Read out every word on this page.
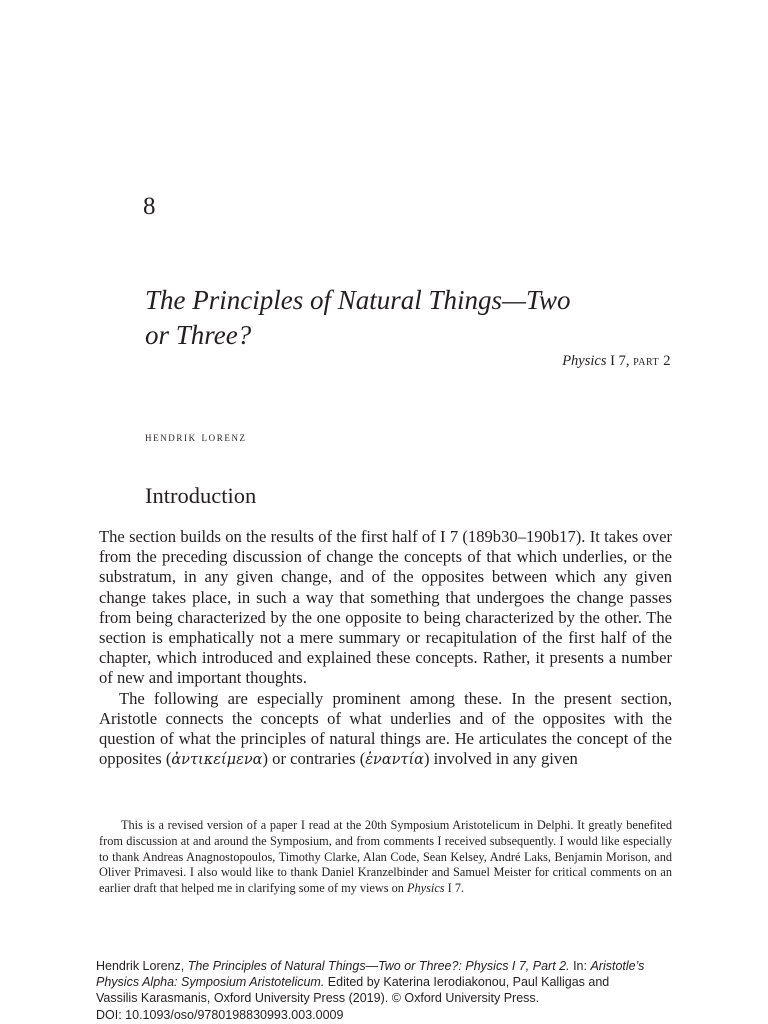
8
The Principles of Natural Things—Two
or Three?
Physics I 7, part 2
hendrik lorenz
Introduction

The section builds on the results of the first half of I 7 (189b30–190b17). It takes over from the preceding discussion of change the concepts of that which underlies, or the substratum, in any given change, and of the opposites between which any given change takes place, in such a way that something that undergoes the change passes from being characterized by the one opposite to being characterized by the other. The section is emphatically not a mere summary or recapitulation of the first half of the chapter, which introduced and explained these concepts. Rather, it presents a number of new and important thoughts.

The following are especially prominent among these. In the present section, Aristotle connects the concepts of what underlies and of the opposites with the question of what the principles of natural things are. He articulates the concept of the opposites (ἀντικείμενα) or contraries (ἐναντία) involved in any given

This is a revised version of a paper I read at the 20th Symposium Aristotelicum in Delphi. It greatly benefited from discussion at and around the Symposium, and from comments I received subsequently. I would like especially to thank Andreas Anagnostopoulos, Timothy Clarke, Alan Code, Sean Kelsey, André Laks, Benjamin Morison, and Oliver Primavesi. I also would like to thank Daniel Kranzelbinder and Samuel Meister for critical comments on an earlier draft that helped me in clarifying some of my views on Physics I 7.

Hendrik Lorenz, The Principles of Natural Things—Two or Three?: Physics I 7, Part 2. In: Aristotle’s
Physics Alpha: Symposium Aristotelicum. Edited by Katerina Ierodiakonou, Paul Kalligas and
Vassilis Karasmanis, Oxford University Press (2019). © Oxford University Press.
DOI: 10.1093/oso/9780198830993.003.0009
